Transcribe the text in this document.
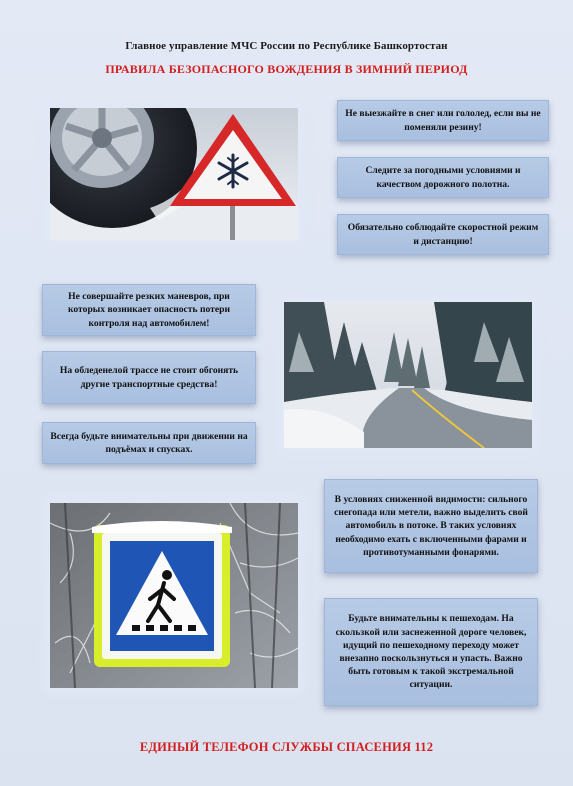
Главное управление МЧС России по Республике Башкортостан
ПРАВИЛА БЕЗОПАСНОГО ВОЖДЕНИЯ В ЗИМНИЙ ПЕРИОД
Не выезжайте в снег или гололед, если вы не поменяли резину!
Следите за погодными условиями и качеством дорожного полотна.
Обязательно соблюдайте скоростной режим и дистанцию!
Не совершайте резких маневров, при которых возникает опасность потери контроля над автомобилем!
На обледенелой трассе не стоит обгонять другие транспортные средства!
Всегда будьте внимательны при движении на подъёмах и спусках.
В условиях сниженной видимости: сильного снегопада или метели, важно выделить свой автомобиль в потоке. В таких условиях необходимо ехать с включенными фарами и противотуманными фонарями.
Будьте внимательны к пешеходам. На скользкой или заснеженной дороге человек, идущий по пешеходному переходу может внезапно поскользнуться и упасть. Важно быть готовым к такой экстремальной ситуации.
ЕДИНЫЙ ТЕЛЕФОН СЛУЖБЫ СПАСЕНИЯ 112
